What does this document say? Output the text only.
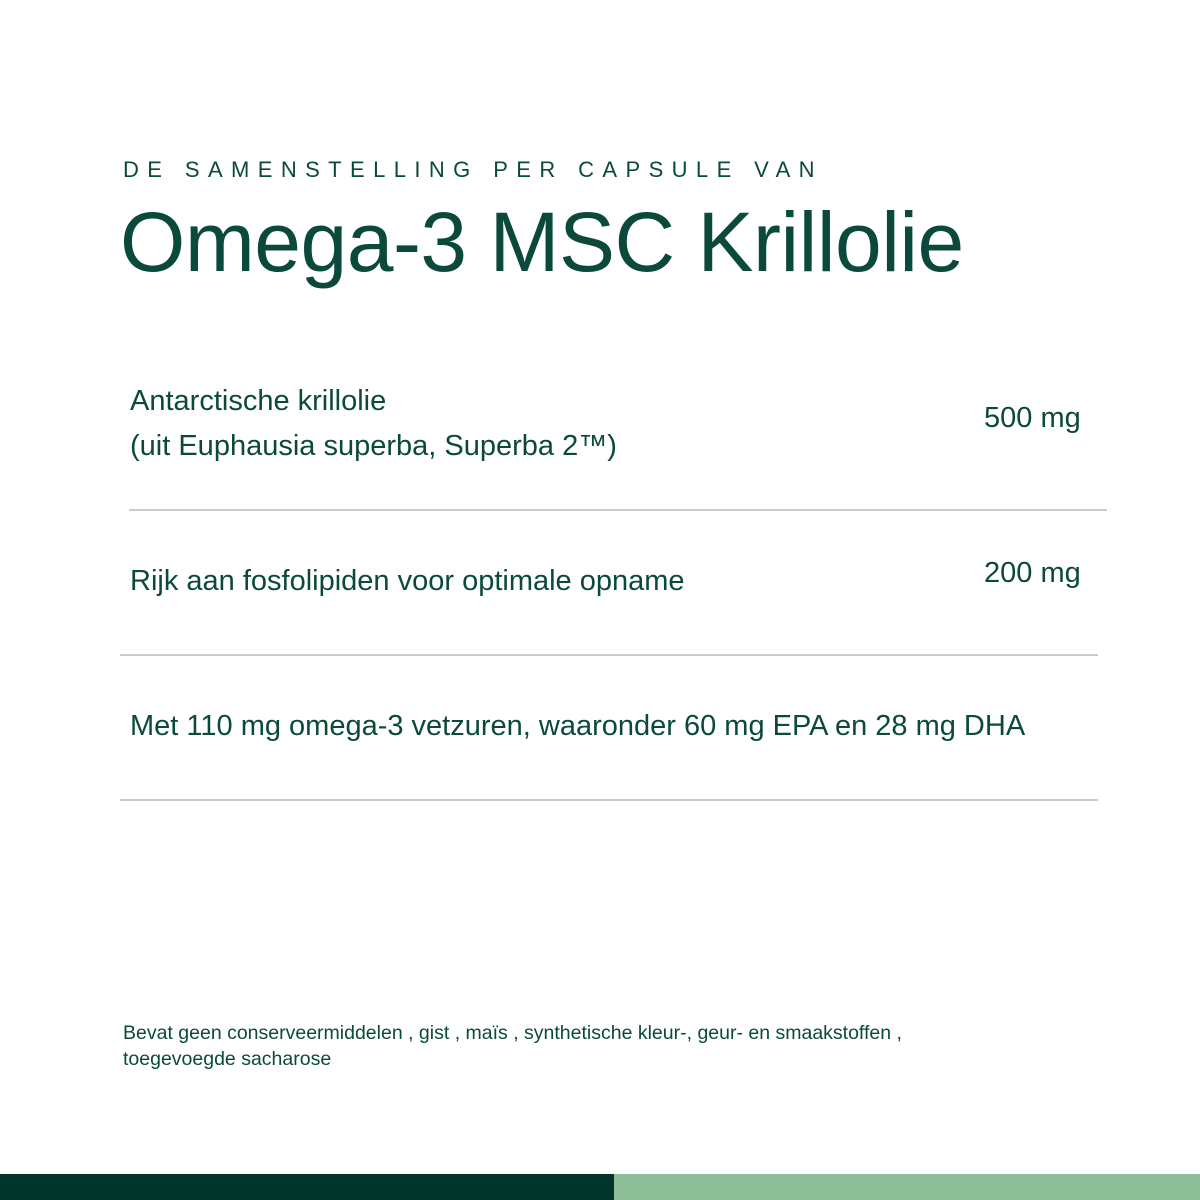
DE SAMENSTELLING PER CAPSULE VAN
Omega-3 MSC Krillolie
Antarctische krillolie
(uit Euphausia superba, Superba 2™)
500 mg
Rijk aan fosfolipiden voor optimale opname	200 mg
Met 110 mg omega-3 vetzuren, waaronder 60 mg EPA en 28 mg DHA
Bevat geen conserveermiddelen , gist , maïs , synthetische kleur-, geur- en smaakstoffen ,
toegevoegde sacharose
